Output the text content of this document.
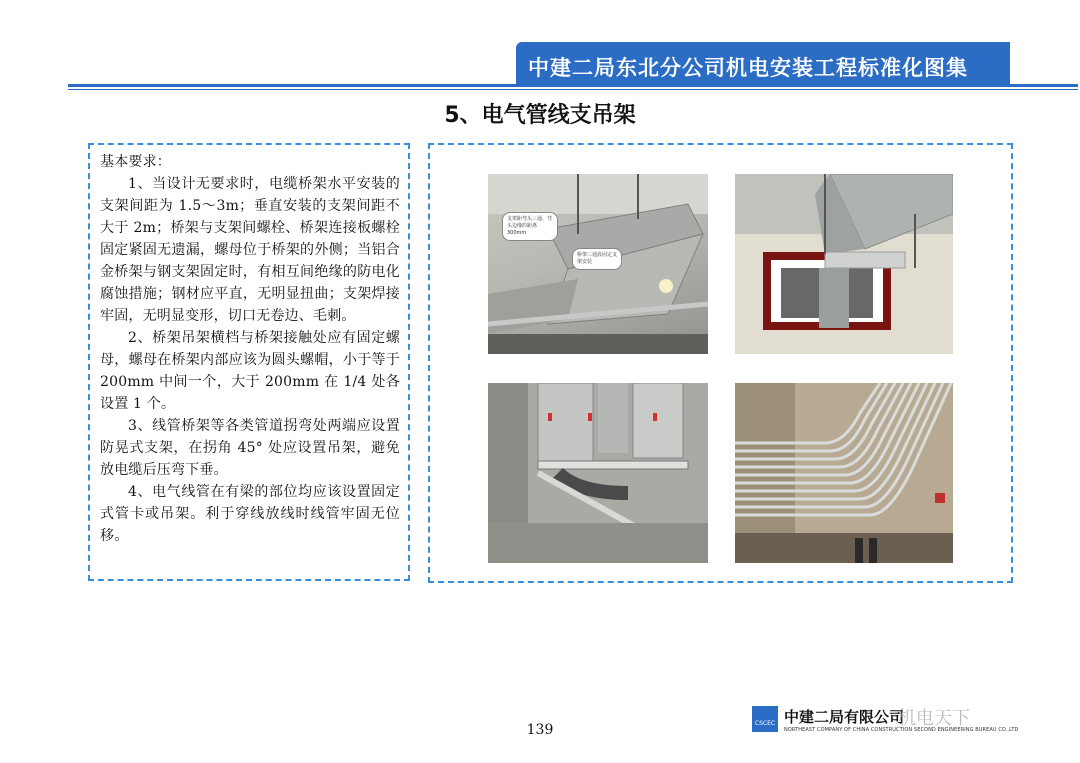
中建二局东北分公司机电安装工程标准化图集
5、电气管线支吊架

基本要求：

1、当设计无要求时，电缆桥架水平安装的支架间距为 1.5～3m；垂直安装的支架间距不大于 2m；桥架与支架间螺栓、桥架连接板螺栓固定紧固无遗漏，螺母位于桥架的外侧；当铝合金桥架与钢支架固定时，有相互间绝缘的防电化腐蚀措施；钢材应平直，无明显扭曲；支架焊接牢固，无明显变形，切口无卷边、毛刺。

2、桥架吊架横档与桥架接触处应有固定螺母，螺母在桥架内部应该为圆头螺帽，小于等于 200mm 中间一个，大于 200mm 在 1/4 处各设置 1 个。

3、线管桥架等各类管道拐弯处两端应设置防晃式支架，在拐角 45° 处应设置吊架，避免放电缆后压弯下垂。

4、电气线管在有梁的部位均应该设置固定式管卡或吊架。利于穿线放线时线管牢固无位移。

支架距弯头三通、弯头边缘的距离 300mm
桥架三通設固定支架安装
139	CSCEC 中建二局有限公司
NORTHEAST COMPANY OF CHINA CONSTRUCTION SECOND ENGINEERING BUREAU CO.,LTD
机电天下
